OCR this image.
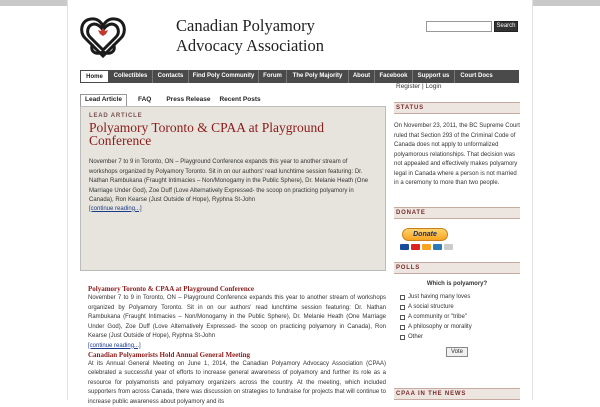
Canadian Polyamory
Advocacy Association
Search
Home	Collectibles	Contacts	Find Poly Community	Forum	The Poly Majority	About	Facebook	Support us	Court Docs
Register | Login
Lead Article	FAQ	Press Release	Recent Posts
LEAD ARTICLE
Polyamory Toronto & CPAA at Playground Conference
November 7 to 9 in Toronto, ON – Playground Conference expands this year to another stream of workshops organized by Polyamory Toronto. Sit in on our authors' read lunchtime session featuring: Dr. Nathan Rambukana (Fraught Intimacies – Non/Monogamy in the Public Sphere), Dr. Melanie Heath (One Marriage Under God), Zoe Duff (Love Alternatively Expressed- the scoop on practicing polyamory in Canada), Ron Kearse (Just Outside of Hope), Ryphna St-John
[continue reading...]
Polyamory Toronto & CPAA at Playground Conference
November 7 to 9 in Toronto, ON – Playground Conference expands this year to another stream of workshops organized by Polyamory Toronto. Sit in on our authors' read lunchtime session featuring: Dr. Nathan Rambukana (Fraught Intimacies – Non/Monogamy in the Public Sphere), Dr. Melanie Heath (One Marriage Under God), Zoe Duff (Love Alternatively Expressed- the scoop on practicing polyamory in Canada), Ron Kearse (Just Outside of Hope), Ryphna St-John
[continue reading...]
Canadian Polyamorists Hold Annual General Meeting
At its Annual General Meeting on June 1, 2014, the Canadian Polyamory Advocacy Association (CPAA) celebrated a successful year of efforts to increase general awareness of polyamory and further its role as a resource for polyamorists and polyamory organizers across the country. At the meeting, which included supporters from across Canada, there was discussion on strategies to fundraise for projects that will continue to increase public awareness about polyamory and its
STATUS
On November 23, 2011, the BC Supreme Court ruled that Section 293 of the Criminal Code of Canada does not apply to unformalized polyamorous relationships. That decision was not appealed and effectively makes polyamory legal in Canada where a person is not married in a ceremony to more than two people.
DONATE
Donate
POLLS
Which is polyamory?
Just having many loves
A social structure
A community or "tribe"
A philosophy or morality
Other
Vote
CPAA IN THE NEWS
